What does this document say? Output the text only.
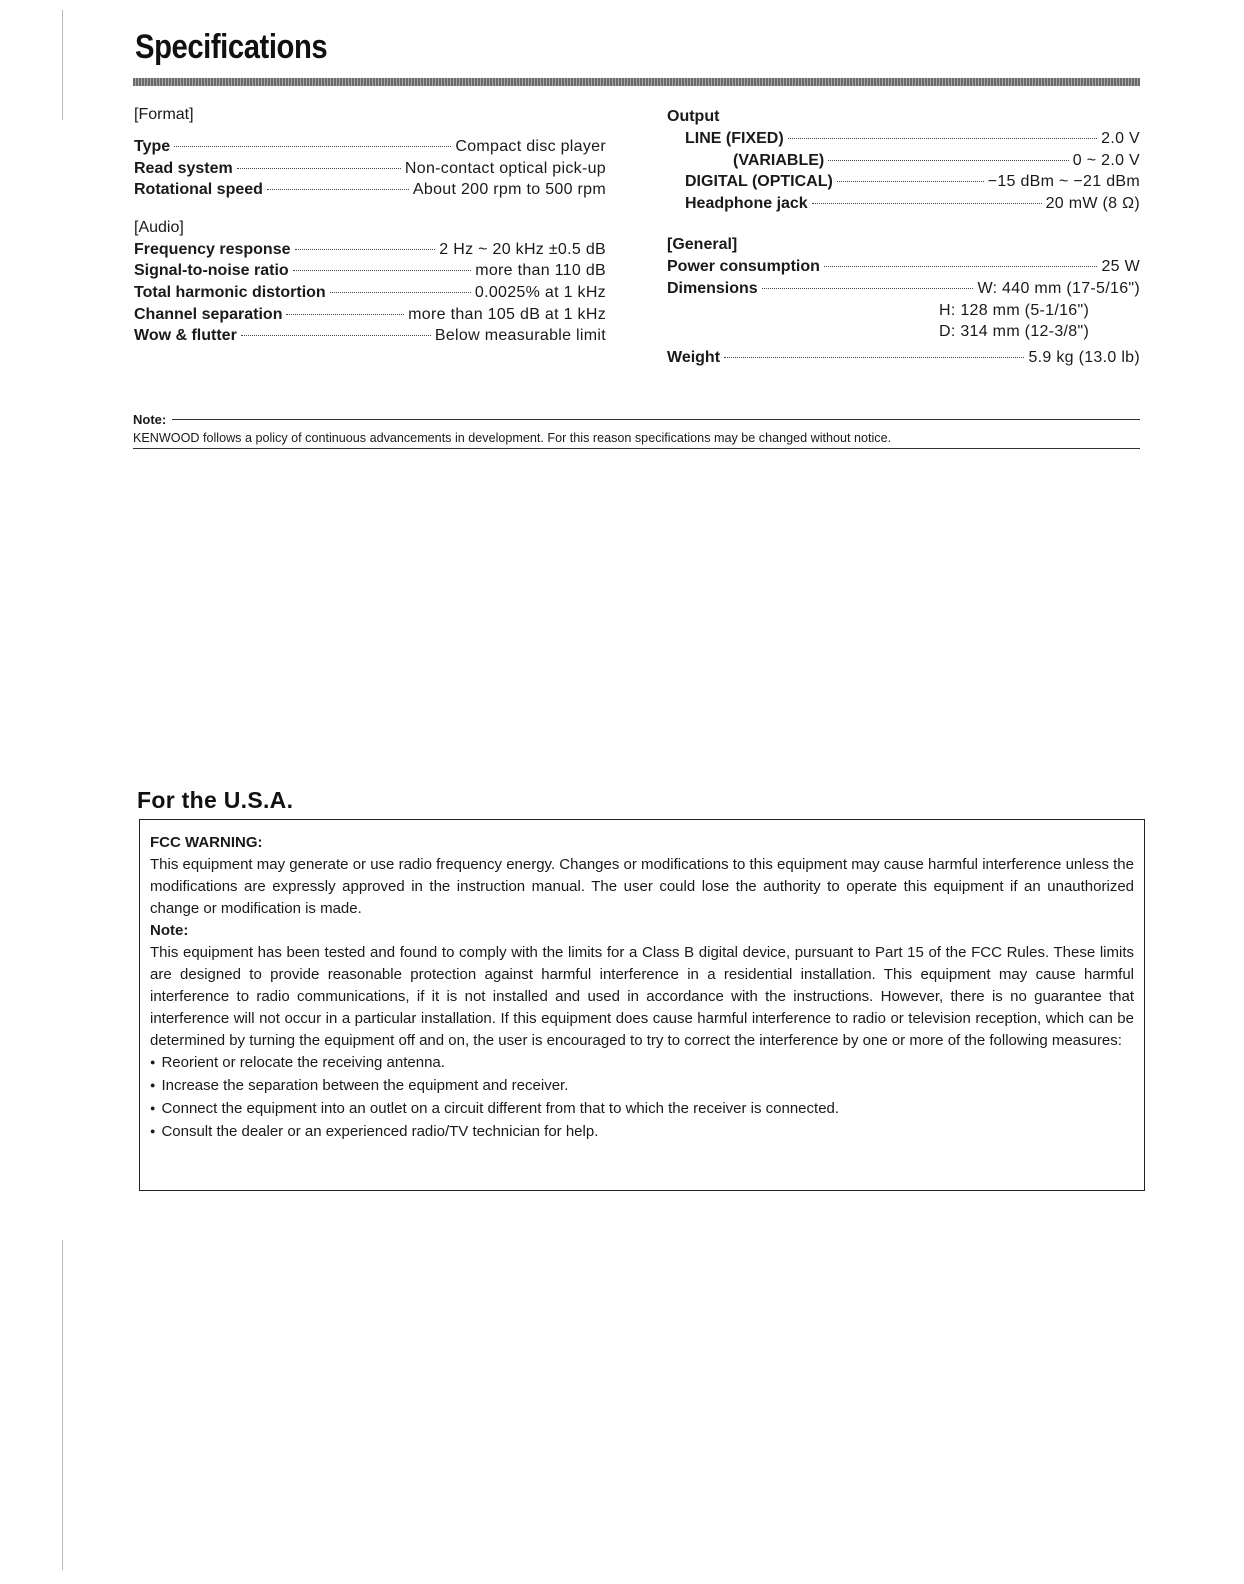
Specifications
[Format]
Type	Compact disc player
Read system	Non-contact optical pick-up
Rotational speed	About 200 rpm to 500 rpm
[Audio]
Frequency response	2 Hz ~ 20 kHz ±0.5 dB
Signal-to-noise ratio	more than 110 dB
Total harmonic distortion	0.0025% at 1 kHz
Channel separation	more than 105 dB at 1 kHz
Wow & flutter	Below measurable limit
Output
LINE (FIXED)	2.0 V
(VARIABLE)	0 ~ 2.0 V
DIGITAL (OPTICAL)	−15 dBm ~ −21 dBm
Headphone jack	20 mW (8 Ω)
[General]
Power consumption	25 W
Dimensions	W: 440 mm (17-5/16")
H: 128 mm (5-1/16")
D: 314 mm (12-3/8")
Weight	5.9 kg (13.0 lb)
Note:
KENWOOD follows a policy of continuous advancements in development. For this reason specifications may be changed without notice.
For the U.S.A.
FCC WARNING:

This equipment may generate or use radio frequency energy. Changes or modifications to this equipment may cause harmful interference unless the modifications are expressly approved in the instruction manual. The user could lose the authority to operate this equipment if an unauthorized change or modification is made.

Note:

This equipment has been tested and found to comply with the limits for a Class B digital device, pursuant to Part 15 of the FCC Rules. These limits are designed to provide reasonable protection against harmful interference in a residential installation. This equipment may cause harmful interference to radio communications, if it is not installed and used in accordance with the instructions. However, there is no guarantee that interference will not occur in a particular installation. If this equipment does cause harmful interference to radio or television reception, which can be determined by turning the equipment off and on, the user is encouraged to try to correct the interference by one or more of the following measures:

● Reorient or relocate the receiving antenna.
● Increase the separation between the equipment and receiver.
● Connect the equipment into an outlet on a circuit different from that to which the receiver is connected.
● Consult the dealer or an experienced radio/TV technician for help.
